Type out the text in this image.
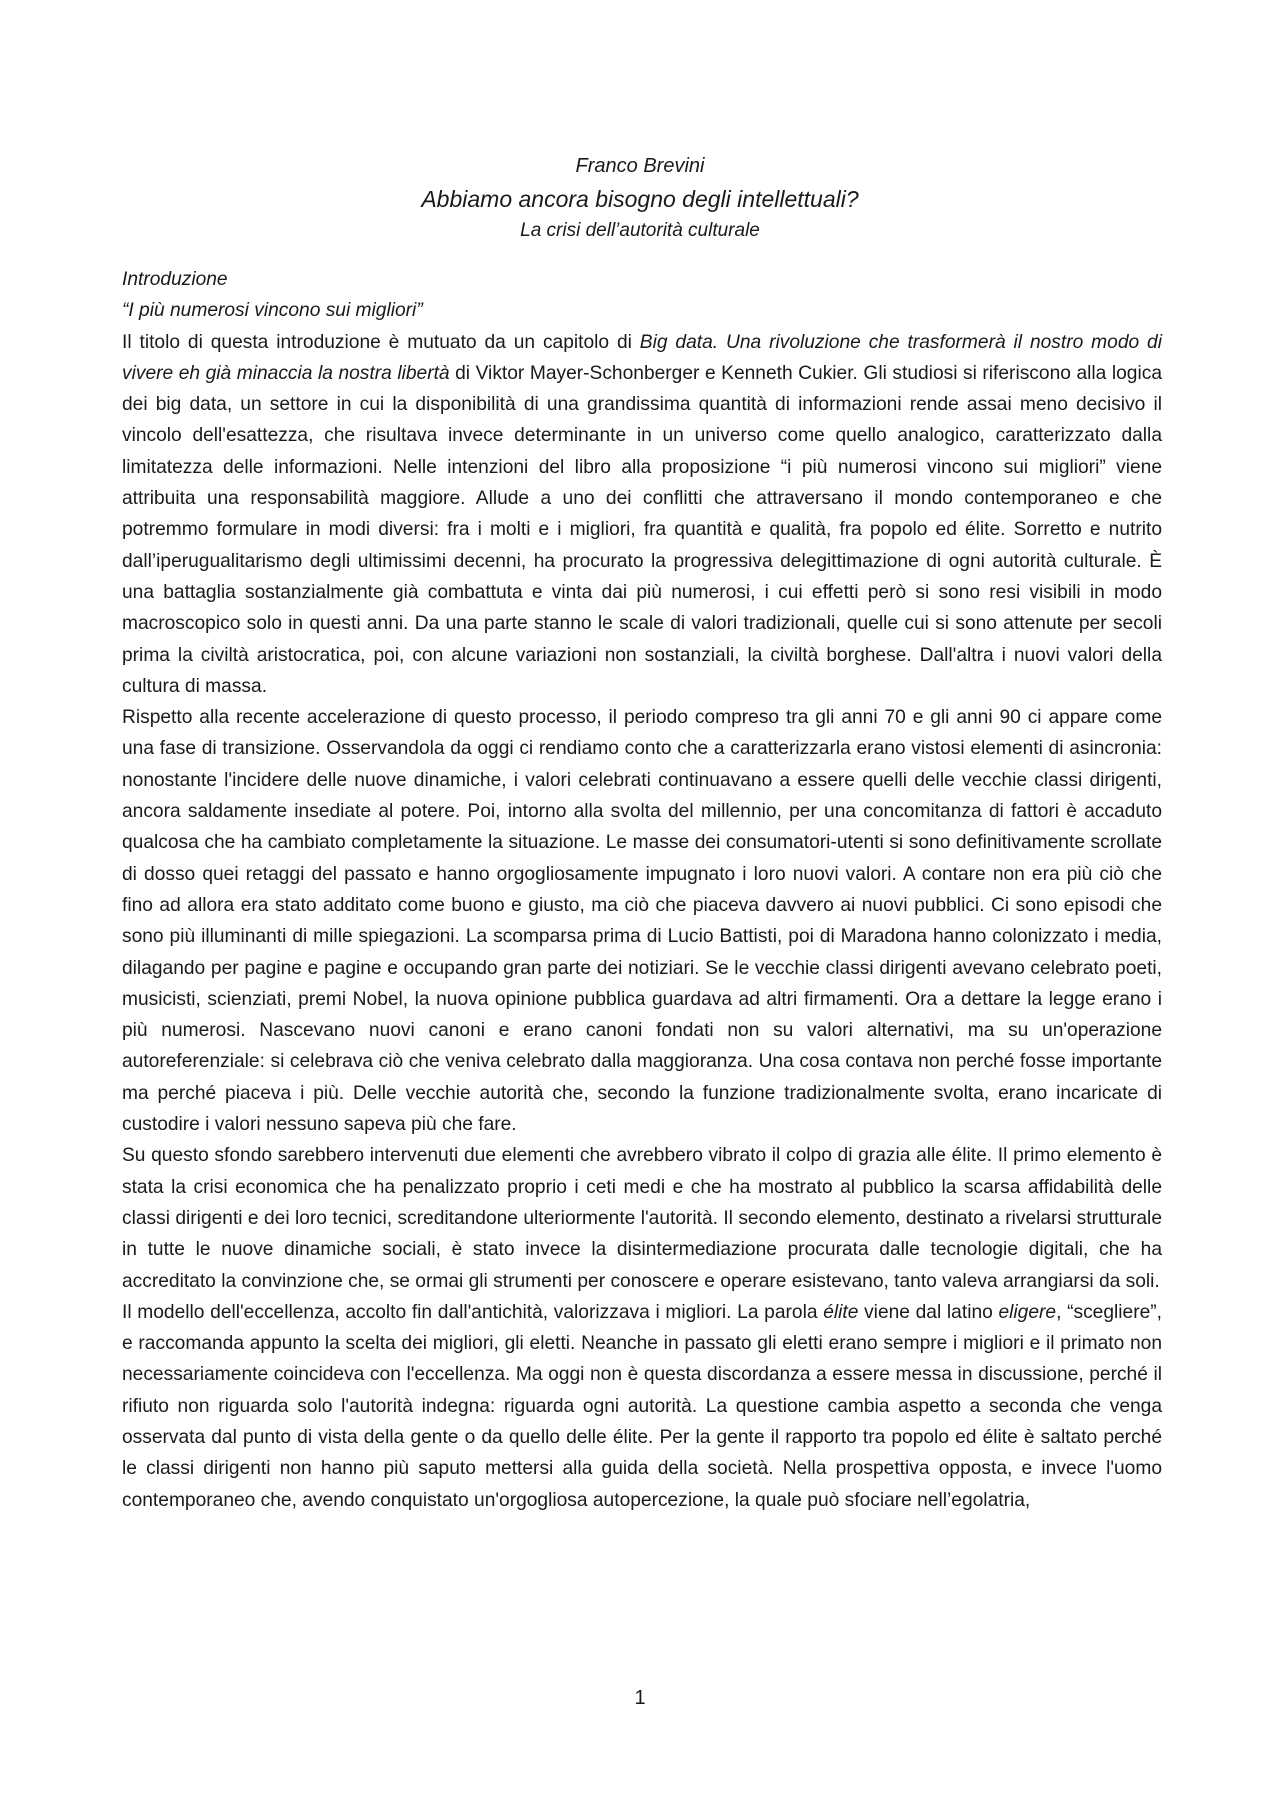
Franco Brevini
Abbiamo ancora bisogno degli intellettuali?
La crisi dell’autorità culturale

Introduzione

“I più numerosi vincono sui migliori”

Il titolo di questa introduzione è mutuato da un capitolo di Big data. Una rivoluzione che trasformerà il nostro modo di vivere eh già minaccia la nostra libertà di Viktor Mayer-Schonberger e Kenneth Cukier. Gli studiosi si riferiscono alla logica dei big data, un settore in cui la disponibilità di una grandissima quantità di informazioni rende assai meno decisivo il vincolo dell'esattezza, che risultava invece determinante in un universo come quello analogico, caratterizzato dalla limitatezza delle informazioni. Nelle intenzioni del libro alla proposizione “i più numerosi vincono sui migliori” viene attribuita una responsabilità maggiore. Allude a uno dei conflitti che attraversano il mondo contemporaneo e che potremmo formulare in modi diversi: fra i molti e i migliori, fra quantità e qualità, fra popolo ed élite. Sorretto e nutrito dall’iperugualitarismo degli ultimissimi decenni, ha procurato la progressiva delegittimazione di ogni autorità culturale. È una battaglia sostanzialmente già combattuta e vinta dai più numerosi, i cui effetti però si sono resi visibili in modo macroscopico solo in questi anni. Da una parte stanno le scale di valori tradizionali, quelle cui si sono attenute per secoli prima la civiltà aristocratica, poi, con alcune variazioni non sostanziali, la civiltà borghese. Dall'altra i nuovi valori della cultura di massa.

Rispetto alla recente accelerazione di questo processo, il periodo compreso tra gli anni 70 e gli anni 90 ci appare come una fase di transizione. Osservandola da oggi ci rendiamo conto che a caratterizzarla erano vistosi elementi di asincronia: nonostante l'incidere delle nuove dinamiche, i valori celebrati continuavano a essere quelli delle vecchie classi dirigenti, ancora saldamente insediate al potere. Poi, intorno alla svolta del millennio, per una concomitanza di fattori è accaduto qualcosa che ha cambiato completamente la situazione. Le masse dei consumatori-utenti si sono definitivamente scrollate di dosso quei retaggi del passato e hanno orgogliosamente impugnato i loro nuovi valori. A contare non era più ciò che fino ad allora era stato additato come buono e giusto, ma ciò che piaceva davvero ai nuovi pubblici. Ci sono episodi che sono più illuminanti di mille spiegazioni. La scomparsa prima di Lucio Battisti, poi di Maradona hanno colonizzato i media, dilagando per pagine e pagine e occupando gran parte dei notiziari. Se le vecchie classi dirigenti avevano celebrato poeti, musicisti, scienziati, premi Nobel, la nuova opinione pubblica guardava ad altri firmamenti. Ora a dettare la legge erano i più numerosi. Nascevano nuovi canoni e erano canoni fondati non su valori alternativi, ma su un'operazione autoreferenziale: si celebrava ciò che veniva celebrato dalla maggioranza. Una cosa contava non perché fosse importante ma perché piaceva i più. Delle vecchie autorità che, secondo la funzione tradizionalmente svolta, erano incaricate di custodire i valori nessuno sapeva più che fare.

Su questo sfondo sarebbero intervenuti due elementi che avrebbero vibrato il colpo di grazia alle élite. Il primo elemento è stata la crisi economica che ha penalizzato proprio i ceti medi e che ha mostrato al pubblico la scarsa affidabilità delle classi dirigenti e dei loro tecnici, screditandone ulteriormente l'autorità. Il secondo elemento, destinato a rivelarsi strutturale in tutte le nuove dinamiche sociali, è stato invece la disintermediazione procurata dalle tecnologie digitali, che ha accreditato la convinzione che, se ormai gli strumenti per conoscere e operare esistevano, tanto valeva arrangiarsi da soli.

Il modello dell'eccellenza, accolto fin dall'antichità, valorizzava i migliori. La parola élite viene dal latino eligere, “scegliere”, e raccomanda appunto la scelta dei migliori, gli eletti. Neanche in passato gli eletti erano sempre i migliori e il primato non necessariamente coincideva con l'eccellenza. Ma oggi non è questa discordanza a essere messa in discussione, perché il rifiuto non riguarda solo l'autorità indegna: riguarda ogni autorità. La questione cambia aspetto a seconda che venga osservata dal punto di vista della gente o da quello delle élite. Per la gente il rapporto tra popolo ed élite è saltato perché le classi dirigenti non hanno più saputo mettersi alla guida della società. Nella prospettiva opposta, e invece l'uomo contemporaneo che, avendo conquistato un'orgogliosa autopercezione, la quale può sfociare nell’egolatria,

1
